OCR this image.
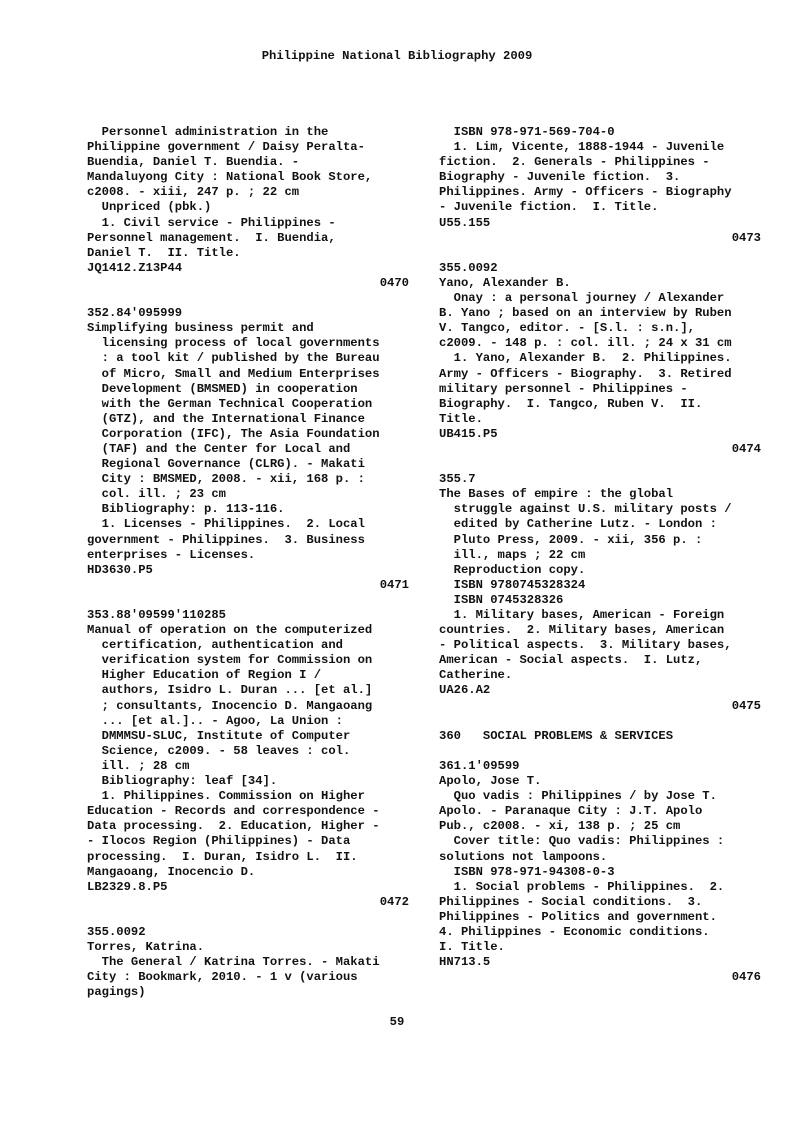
Philippine National Bibliography 2009
Personnel administration in the
Philippine government / Daisy Peralta-
Buendia, Daniel T. Buendia. -
Mandaluyong City : National Book Store,
c2008. - xiii, 247 p. ; 22 cm
Unpriced (pbk.)
1. Civil service - Philippines -
Personnel management.  I. Buendia,
Daniel T.  II. Title.
JQ1412.Z13P44
0470
352.84'095999
Simplifying business permit and
licensing process of local governments
: a tool kit / published by the Bureau
of Micro, Small and Medium Enterprises
Development (BMSMED) in cooperation
with the German Technical Cooperation
(GTZ), and the International Finance
Corporation (IFC), The Asia Foundation
(TAF) and the Center for Local and
Regional Governance (CLRG). - Makati
City : BMSMED, 2008. - xii, 168 p. :
col. ill. ; 23 cm
Bibliography: p. 113-116.
1. Licenses - Philippines.  2. Local
government - Philippines.  3. Business
enterprises - Licenses.
HD3630.P5
0471
353.88'09599'110285
Manual of operation on the computerized
certification, authentication and
verification system for Commission on
Higher Education of Region I /
authors, Isidro L. Duran ... [et al.]
; consultants, Inocencio D. Mangaoang
... [et al.].. - Agoo, La Union :
DMMMSU-SLUC, Institute of Computer
Science, c2009. - 58 leaves : col.
ill. ; 28 cm
Bibliography: leaf [34].
1. Philippines. Commission on Higher
Education - Records and correspondence -
Data processing.  2. Education, Higher -
- Ilocos Region (Philippines) - Data
processing.  I. Duran, Isidro L.  II.
Mangaoang, Inocencio D.
LB2329.8.P5
0472
355.0092
Torres, Katrina.
The General / Katrina Torres. - Makati
City : Bookmark, 2010. - 1 v (various
pagings)
ISBN 978-971-569-704-0
1. Lim, Vicente, 1888-1944 - Juvenile
fiction.  2. Generals - Philippines -
Biography - Juvenile fiction.  3.
Philippines. Army - Officers - Biography
- Juvenile fiction.  I. Title.
U55.155
0473
355.0092
Yano, Alexander B.
Onay : a personal journey / Alexander
B. Yano ; based on an interview by Ruben
V. Tangco, editor. - [S.l. : s.n.],
c2009. - 148 p. : col. ill. ; 24 x 31 cm
1. Yano, Alexander B.  2. Philippines.
Army - Officers - Biography.  3. Retired
military personnel - Philippines -
Biography.  I. Tangco, Ruben V.  II.
Title.
UB415.P5
0474
355.7
The Bases of empire : the global
struggle against U.S. military posts /
edited by Catherine Lutz. - London :
Pluto Press, 2009. - xii, 356 p. :
ill., maps ; 22 cm
Reproduction copy.
ISBN 9780745328324
ISBN 0745328326
1. Military bases, American - Foreign
countries.  2. Military bases, American
- Political aspects.  3. Military bases,
American - Social aspects.  I. Lutz,
Catherine.
UA26.A2
0475
360   SOCIAL PROBLEMS & SERVICES
361.1'09599
Apolo, Jose T.
Quo vadis : Philippines / by Jose T.
Apolo. - Paranaque City : J.T. Apolo
Pub., c2008. - xi, 138 p. ; 25 cm
Cover title: Quo vadis: Philippines :
solutions not lampoons.
ISBN 978-971-94308-0-3
1. Social problems - Philippines.  2.
Philippines - Social conditions.  3.
Philippines - Politics and government.
4. Philippines - Economic conditions.
I. Title.
HN713.5
0476
59
